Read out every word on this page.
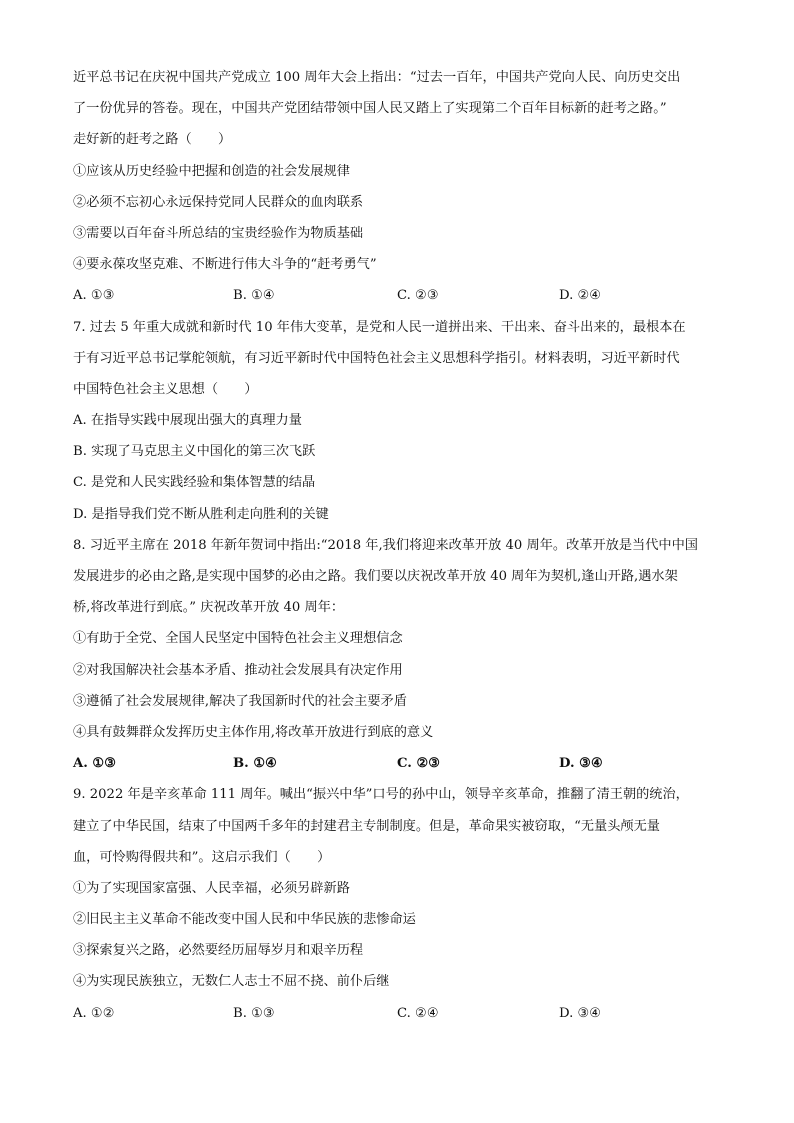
近平总书记在庆祝中国共产党成立 100 周年大会上指出：“过去一百年，中国共产党向人民、向历史交出
了一份优异的答卷。现在，中国共产党团结带领中国人民又踏上了实现第二个百年目标新的赶考之路。”
走好新的赶考之路（　　）
①应该从历史经验中把握和创造的社会发展规律
②必须不忘初心永远保持党同人民群众的血肉联系
③需要以百年奋斗所总结的宝贵经验作为物质基础
④要永葆攻坚克难、不断进行伟大斗争的“赶考勇气”
A. ①③	B. ①④	C. ②③	D. ②④
7. 过去 5 年重大成就和新时代 10 年伟大变革，是党和人民一道拼出来、干出来、奋斗出来的，最根本在
于有习近平总书记掌舵领航，有习近平新时代中国特色社会主义思想科学指引。材料表明，习近平新时代
中国特色社会主义思想（　　）
A. 在指导实践中展现出强大的真理力量
B. 实现了马克思主义中国化的第三次飞跃
C. 是党和人民实践经验和集体智慧的结晶
D. 是指导我们党不断从胜利走向胜利的关键
8. 习近平主席在 2018 年新年贺词中指出:“2018 年,我们将迎来改革开放 40 周年。改革开放是当代中中国
发展进步的必由之路,是实现中国梦的必由之路。我们要以庆祝改革开放 40 周年为契机,逢山开路,遇水架
桥,将改革进行到底。” 庆祝改革开放 40 周年：
①有助于全党、全国人民坚定中国特色社会主义理想信念
②对我国解决社会基本矛盾、推动社会发展具有决定作用
③遵循了社会发展规律,解决了我国新时代的社会主要矛盾
④具有鼓舞群众发挥历史主体作用,将改革开放进行到底的意义
A. ①③	B. ①④	C. ②③	D. ③④
9. 2022 年是辛亥革命 111 周年。喊出“振兴中华”口号的孙中山，领导辛亥革命，推翻了清王朝的统治，
建立了中华民国，结束了中国两千多年的封建君主专制制度。但是，革命果实被窃取，“无量头颅无量
血，可怜购得假共和”。这启示我们（　　）
①为了实现国家富强、人民幸福，必须另辟新路
②旧民主主义革命不能改变中国人民和中华民族的悲惨命运
③探索复兴之路，必然要经历屈辱岁月和艰辛历程
④为实现民族独立，无数仁人志士不屈不挠、前仆后继
A. ①②	B. ①③	C. ②④	D. ③④
